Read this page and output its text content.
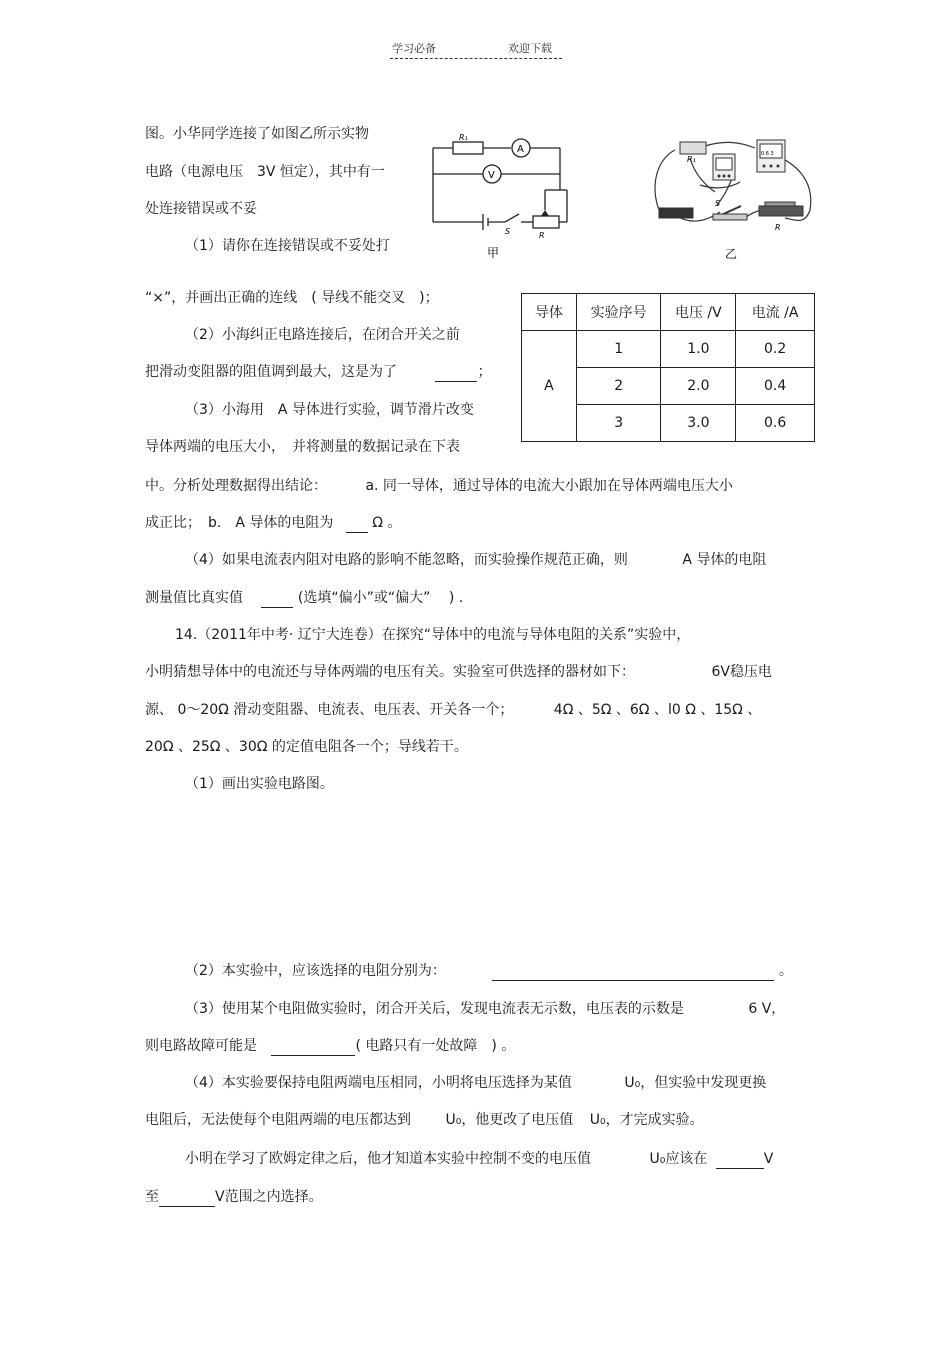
学习必备	欢迎下载
图。小华同学连接了如图乙所示实物
电路（电源电压　3V 恒定），其中有一
处连接错误或不妥
（1）请你在连接错误或不妥处打
“×”，并画出正确的连线　( 导线不能交叉　)；
（2）小海纠正电路连接后，在闭合开关之前
把滑动变阻器的阻值调到最大，这是为了	；
（3）小海用　A 导体进行实验，调节滑片改变
导体两端的电压大小，　并将测量的数据记录在下表
中。分析处理数据得出结论：	a. 同一导体，通过导体的电流大小跟加在导体两端电压大小
成正比；　b.　A 导体的电阻为	Ω 。
（4）如果电流表内阻对电路的影响不能忽略，而实验操作规范正确，则	A 导体的电阻
测量值比真实值	(选填“偏小”或“偏大”　 ) .
14.（2011年中考· 辽宁大连卷）在探究“导体中的电流与导体电阻的关系”实验中，
小明猜想导体中的电流还与导体两端的电压有关。实验室可供选择的器材如下：	6V稳压电
源、 0～20Ω 滑动变阻器、电流表、电压表、开关各一个；	4Ω 、5Ω 、6Ω 、l0 Ω 、15Ω 、
20Ω 、25Ω 、30Ω 的定值电阻各一个；导线若干。
（1）画出实验电路图。
（2）本实验中，应该选择的电阻分别为：	。
（3）使用某个电阻做实验时，闭合开关后，发现电流表无示数，电压表的示数是	6 V，
则电路故障可能是	( 电路只有一处故障　) 。
（4）本实验要保持电阻两端电压相同，小明将电压选择为某值	U₀，但实验中发现更换
电阻后，无法使每个电阻两端的电压都达到 U₀，他更改了电压值 U₀，才完成实验。
小明在学习了欧姆定律之后，他才知道本实验中控制不变的电压值	U₀应该在	V
至	V范围之内选择。
R₁
A
V
S	R
甲
R₁
0.6 3
S
R
乙
导体	实验序号	电压 /V	电流 /A
A	1	1.0	0.2
	2	2.0	0.4
	3	3.0	0.6
